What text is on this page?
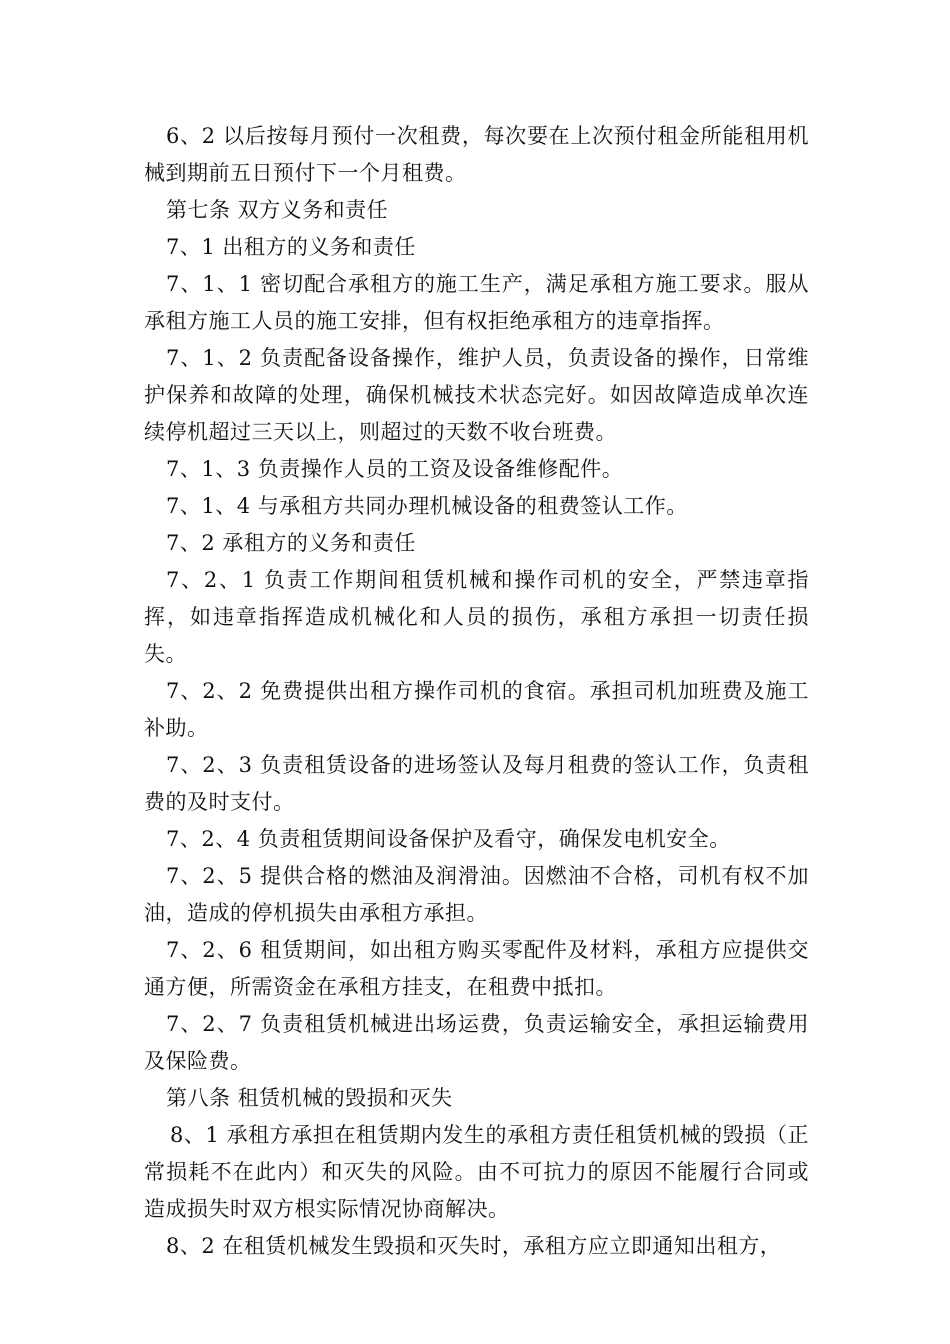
6、2 以后按每月预付一次租费，每次要在上次预付租金所能租用机械到期前五日预付下一个月租费。

第七条 双方义务和责任

7、1 出租方的义务和责任

7、1、1 密切配合承租方的施工生产，满足承租方施工要求。服从承租方施工人员的施工安排，但有权拒绝承租方的违章指挥。

7、1、2 负责配备设备操作，维护人员，负责设备的操作，日常维护保养和故障的处理，确保机械技术状态完好。如因故障造成单次连续停机超过三天以上，则超过的天数不收台班费。

7、1、3 负责操作人员的工资及设备维修配件。

7、1、4 与承租方共同办理机械设备的租费签认工作。

7、2 承租方的义务和责任

7、2、1 负责工作期间租赁机械和操作司机的安全，严禁违章指挥，如违章指挥造成机械化和人员的损伤，承租方承担一切责任损失。

7、2、2 免费提供出租方操作司机的食宿。承担司机加班费及施工补助。

7、2、3 负责租赁设备的进场签认及每月租费的签认工作，负责租费的及时支付。

7、2、4 负责租赁期间设备保护及看守，确保发电机安全。

7、2、5 提供合格的燃油及润滑油。因燃油不合格，司机有权不加油，造成的停机损失由承租方承担。

7、2、6 租赁期间，如出租方购买零配件及材料，承租方应提供交通方便，所需资金在承租方挂支，在租费中抵扣。

7、2、7 负责租赁机械进出场运费，负责运输安全，承担运输费用及保险费。

第八条 租赁机械的毁损和灭失

8、1 承租方承担在租赁期内发生的承租方责任租赁机械的毁损（正常损耗不在此内）和灭失的风险。由不可抗力的原因不能履行合同或造成损失时双方根实际情况协商解决。

8、2 在租赁机械发生毁损和灭失时，承租方应立即通知出租方，
